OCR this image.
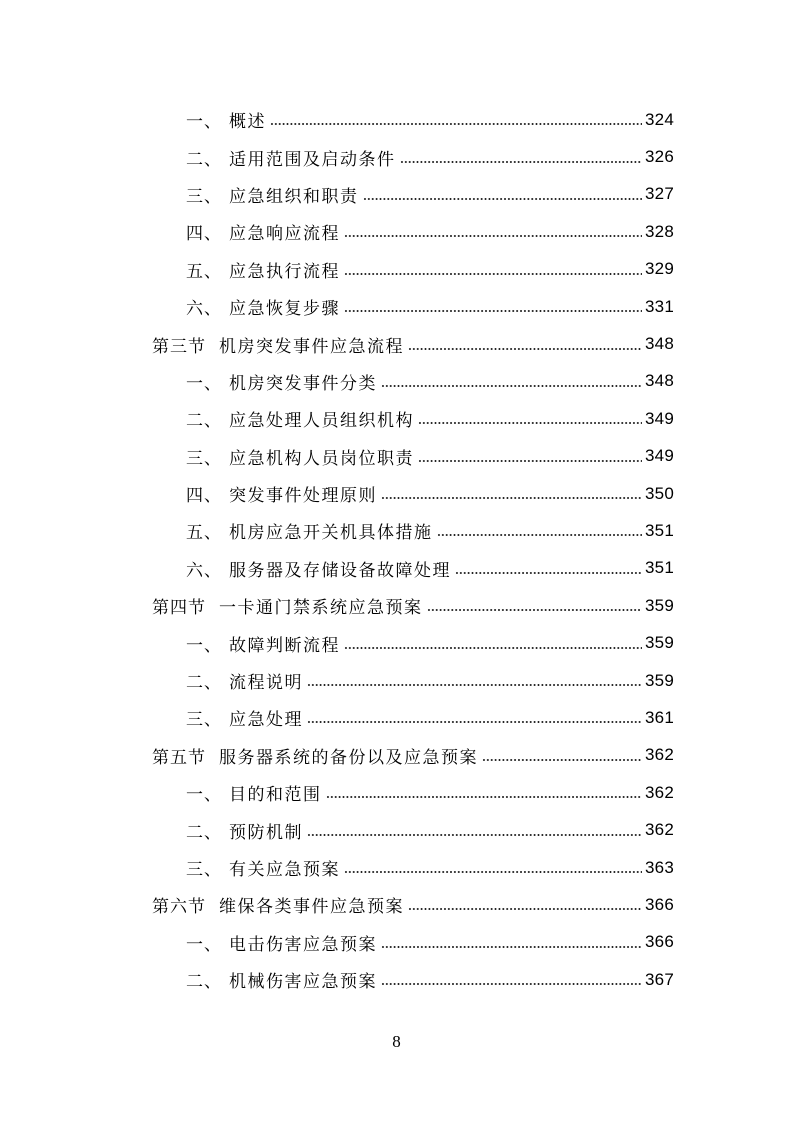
一、 概述	324
二、 适用范围及启动条件	326
三、 应急组织和职责	327
四、 应急响应流程	328
五、 应急执行流程	329
六、 应急恢复步骤	331
第三节 机房突发事件应急流程	348
一、 机房突发事件分类	348
二、 应急处理人员组织机构	349
三、 应急机构人员岗位职责	349
四、 突发事件处理原则	350
五、 机房应急开关机具体措施	351
六、 服务器及存储设备故障处理	351
第四节 一卡通门禁系统应急预案	359
一、 故障判断流程	359
二、 流程说明	359
三、 应急处理	361
第五节 服务器系统的备份以及应急预案	362
一、 目的和范围	362
二、 预防机制	362
三、 有关应急预案	363
第六节 维保各类事件应急预案	366
一、 电击伤害应急预案	366
二、 机械伤害应急预案	367
8
